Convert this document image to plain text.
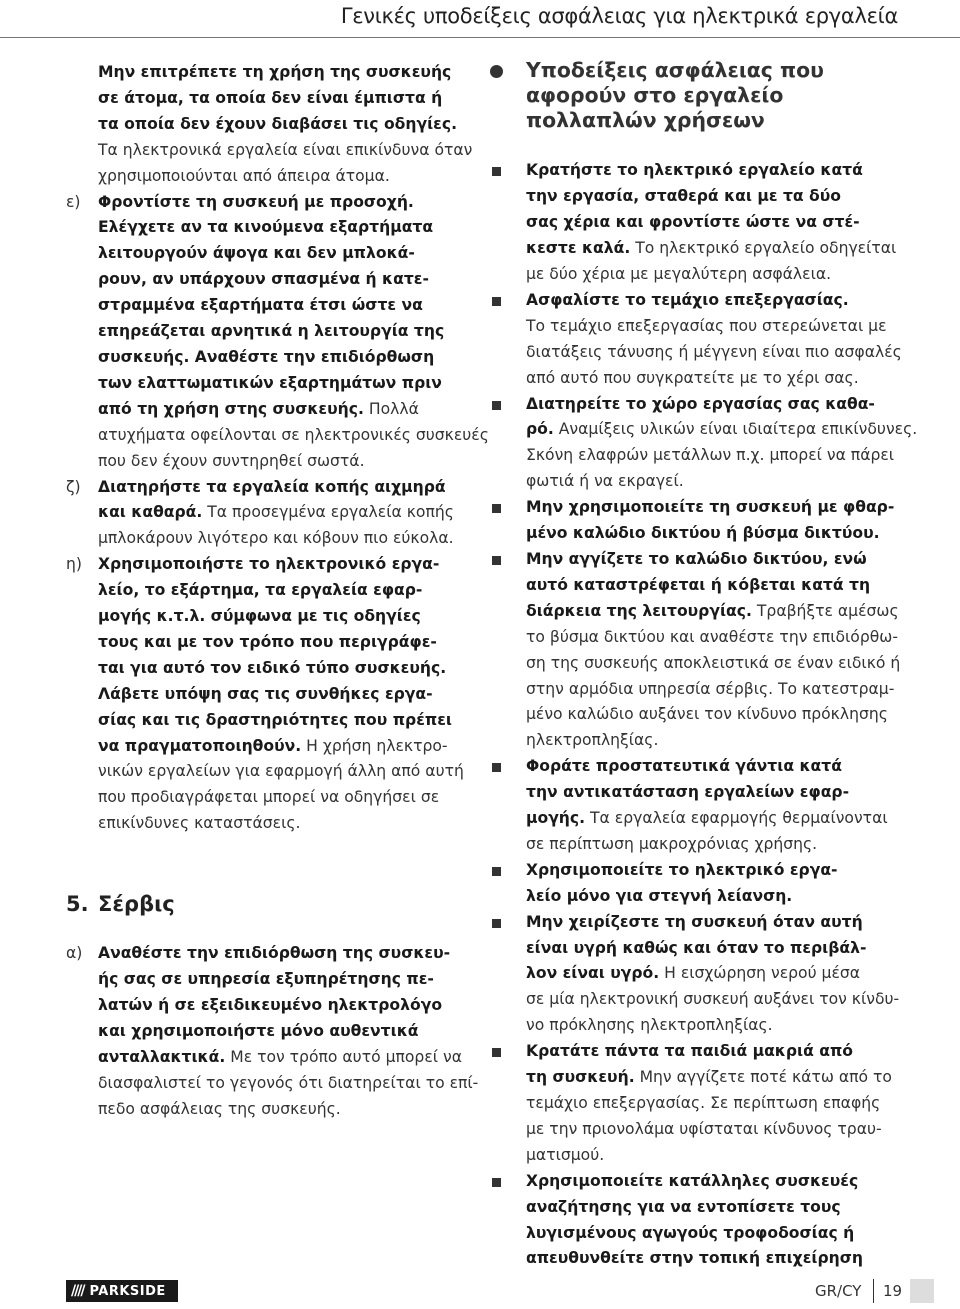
Γενικές υποδείξεις ασφάλειας για ηλεκτρικά εργαλεία
Μην επιτρέπετε τη χρήση της συσκευής
σε άτομα, τα οποία δεν είναι έμπιστα ή
τα οποία δεν έχουν διαβάσει τις οδηγίες.
Τα ηλεκτρονικά εργαλεία είναι επικίνδυνα όταν
χρησιμοποιούνται από άπειρα άτομα.
ε) Φροντίστε τη συσκευή με προσοχή.
Ελέγχετε αν τα κινούμενα εξαρτήματα
λειτουργούν άψογα και δεν μπλοκά-
ρουν, αν υπάρχουν σπασμένα ή κατε-
στραμμένα εξαρτήματα έτσι ώστε να
επηρεάζεται αρνητικά η λειτουργία της
συσκευής. Αναθέστε την επιδιόρθωση
των ελαττωματικών εξαρτημάτων πριν
από τη χρήση στης συσκευής. Πολλά
ατυχήματα οφείλονται σε ηλεκτρονικές συσκευές
που δεν έχουν συντηρηθεί σωστά.
ζ) Διατηρήστε τα εργαλεία κοπής αιχμηρά
και καθαρά. Τα προσεγμένα εργαλεία κοπής
μπλοκάρουν λιγότερο και κόβουν πιο εύκολα.
η) Χρησιμοποιήστε το ηλεκτρονικό εργα-
λείο, το εξάρτημα, τα εργαλεία εφαρ-
μογής κ.τ.λ. σύμφωνα με τις οδηγίες
τους και με τον τρόπο που περιγράφε-
ται για αυτό τον ειδικό τύπο συσκευής.
Λάβετε υπόψη σας τις συνθήκες εργα-
σίας και τις δραστηριότητες που πρέπει
να πραγματοποιηθούν. Η χρήση ηλεκτρο-
νικών εργαλείων για εφαρμογή άλλη από αυτή
που προδιαγράφεται μπορεί να οδηγήσει σε
επικίνδυνες καταστάσεις.
5. Σέρβις
α) Αναθέστε την επιδιόρθωση της συσκευ-
ής σας σε υπηρεσία εξυπηρέτησης πε-
λατών ή σε εξειδικευμένο ηλεκτρολόγο
και χρησιμοποιήστε μόνο αυθεντικά
ανταλλακτικά. Με τον τρόπο αυτό μπορεί να
διασφαλιστεί το γεγονός ότι διατηρείται το επί-
πεδο ασφάλειας της συσκευής.
Υποδείξεις ασφάλειας που
αφορούν στο εργαλείο
πολλαπλών χρήσεων
Κρατήστε το ηλεκτρικό εργαλείο κατά
την εργασία, σταθερά και με τα δύο
σας χέρια και φροντίστε ώστε να στέ-
κεστε καλά. Το ηλεκτρικό εργαλείο οδηγείται
με δύο χέρια με μεγαλύτερη ασφάλεια.
Ασφαλίστε το τεμάχιο επεξεργασίας.
Το τεμάχιο επεξεργασίας που στερεώνεται με
διατάξεις τάνυσης ή μέγγενη είναι πιο ασφαλές
από αυτό που συγκρατείτε με το χέρι σας.
Διατηρείτε το χώρο εργασίας σας καθα-
ρό. Αναμίξεις υλικών είναι ιδιαίτερα επικίνδυνες.
Σκόνη ελαφρών μετάλλων π.χ. μπορεί να πάρει
φωτιά ή να εκραγεί.
Μην χρησιμοποιείτε τη συσκευή με φθαρ-
μένο καλώδιο δικτύου ή βύσμα δικτύου.
Μην αγγίζετε το καλώδιο δικτύου, ενώ
αυτό καταστρέφεται ή κόβεται κατά τη
διάρκεια της λειτουργίας. Τραβήξτε αμέσως
το βύσμα δικτύου και αναθέστε την επιδιόρθω-
ση της συσκευής αποκλειστικά σε έναν ειδικό ή
στην αρμόδια υπηρεσία σέρβις. Το κατεστραμ-
μένο καλώδιο αυξάνει τον κίνδυνο πρόκλησης
ηλεκτροπληξίας.
Φοράτε προστατευτικά γάντια κατά
την αντικατάσταση εργαλείων εφαρ-
μογής. Τα εργαλεία εφαρμογής θερμαίνονται
σε περίπτωση μακροχρόνιας χρήσης.
Χρησιμοποιείτε το ηλεκτρικό εργα-
λείο μόνο για στεγνή λείανση.
Μην χειρίζεστε τη συσκευή όταν αυτή
είναι υγρή καθώς και όταν το περιβάλ-
λον είναι υγρό. Η εισχώρηση νερού μέσα
σε μία ηλεκτρονική συσκευή αυξάνει τον κίνδυ-
νο πρόκλησης ηλεκτροπληξίας.
Κρατάτε πάντα τα παιδιά μακριά από
τη συσκευή. Μην αγγίζετε ποτέ κάτω από το
τεμάχιο επεξεργασίας. Σε περίπτωση επαφής
με την πριονολάμα υφίσταται κίνδυνος τραυ-
ματισμού.
Χρησιμοποιείτε κατάλληλες συσκευές
αναζήτησης για να εντοπίσετε τους
λυγισμένους αγωγούς τροφοδοσίας ή
απευθυνθείτε στην τοπική επιχείρηση
//// PARKSIDE	GR/CY 19
